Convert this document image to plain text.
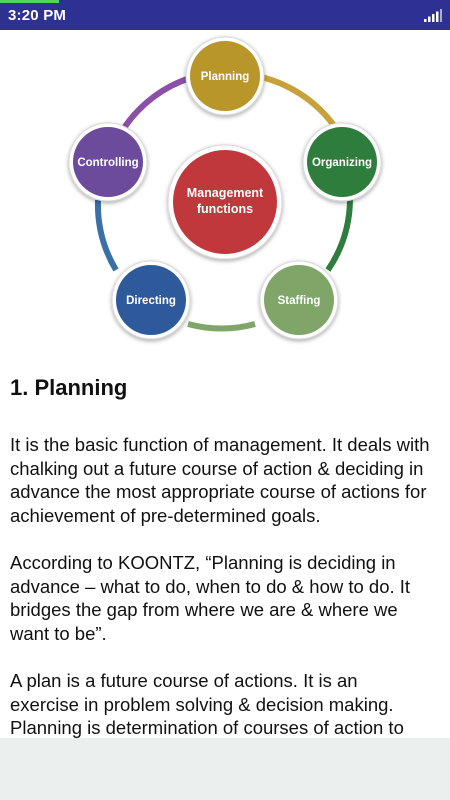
3:20 PM
Management
functions
Planning
Organizing
Staffing
Directing
Controlling
1. Planning

It is the basic function of management. It deals with chalking out a future course of action & deciding in advance the most appropriate course of actions for achievement of pre-determined goals.

According to KOONTZ, “Planning is deciding in advance – what to do, when to do & how to do. It bridges the gap from where we are & where we want to be”.

A plan is a future course of actions. It is an exercise in problem solving & decision making. Planning is determination of courses of action to
